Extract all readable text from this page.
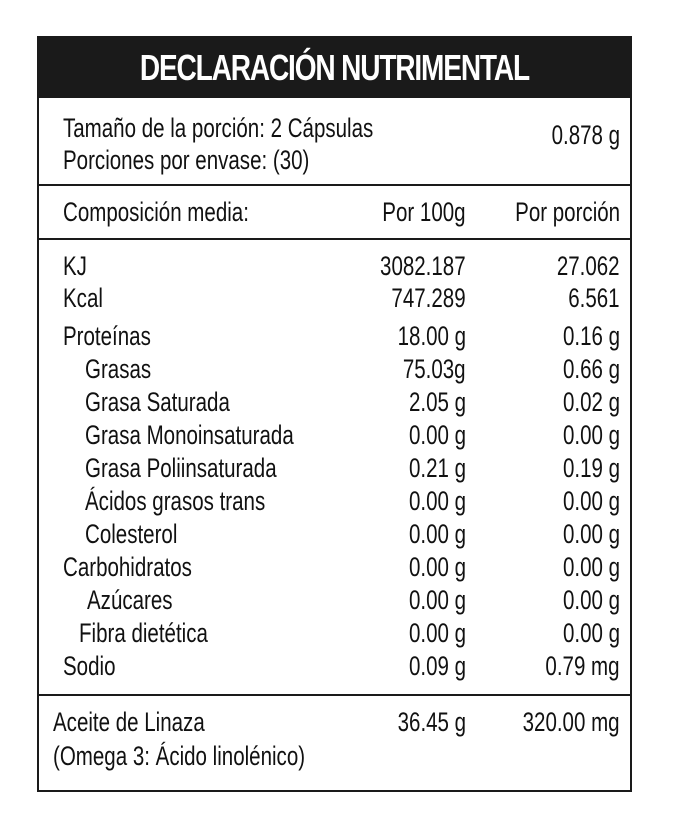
DECLARACIÓN NUTRIMENTAL
Tamaño de la porción: 2 Cápsulas	0.878 g
Porciones por envase: (30)
Composición media:	Por 100g	Por porción
KJ	3082.187	27.062
Kcal	747.289	6.561
Proteínas	18.00 g	0.16 g
Grasas	75.03g	0.66 g
Grasa Saturada	2.05 g	0.02 g
Grasa Monoinsaturada	0.00 g	0.00 g
Grasa Poliinsaturada	0.21 g	0.19 g
Ácidos grasos trans	0.00 g	0.00 g
Colesterol	0.00 g	0.00 g
Carbohidratos	0.00 g	0.00 g
Azúcares	0.00 g	0.00 g
Fibra dietética	0.00 g	0.00 g
Sodio	0.09 g	0.79 mg
Aceite de Linaza	36.45 g	320.00 mg
(Omega 3: Ácido linolénico)
